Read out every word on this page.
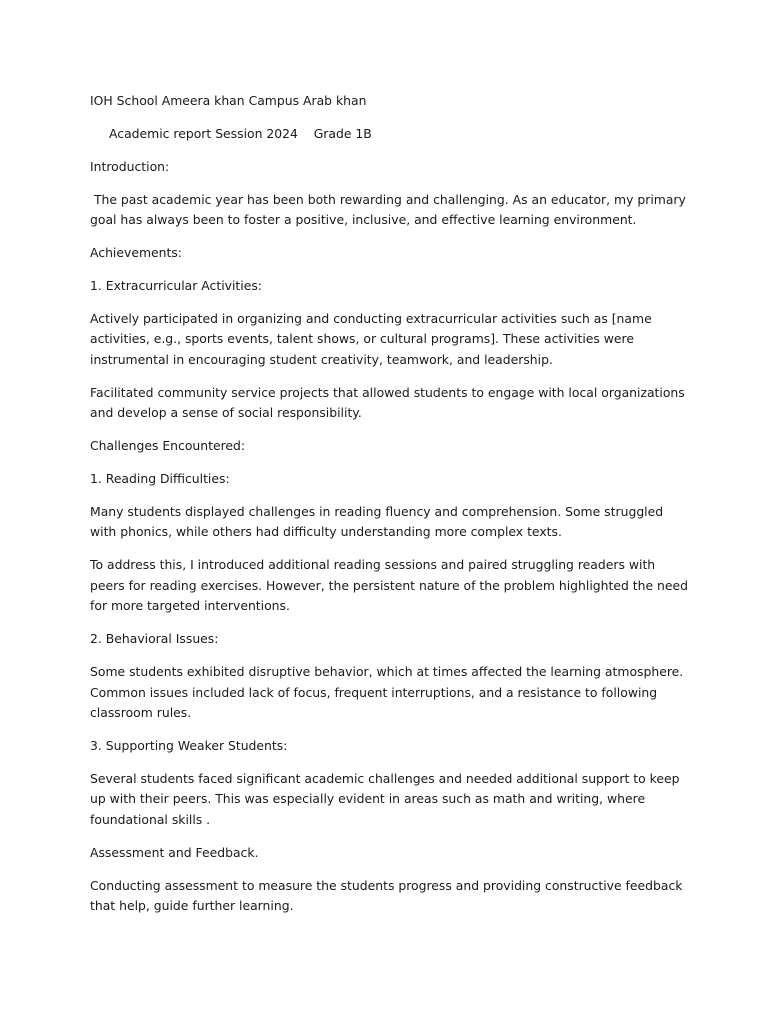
IOH School Ameera khan Campus Arab khan

Academic report Session 2024    Grade 1B

Introduction:

The past academic year has been both rewarding and challenging. As an educator, my primary goal has always been to foster a positive, inclusive, and effective learning environment.

Achievements:

1. Extracurricular Activities:

Actively participated in organizing and conducting extracurricular activities such as [name activities, e.g., sports events, talent shows, or cultural programs]. These activities were instrumental in encouraging student creativity, teamwork, and leadership.

Facilitated community service projects that allowed students to engage with local organizations and develop a sense of social responsibility.

Challenges Encountered:

1. Reading Difficulties:

Many students displayed challenges in reading fluency and comprehension. Some struggled with phonics, while others had difficulty understanding more complex texts.

To address this, I introduced additional reading sessions and paired struggling readers with peers for reading exercises. However, the persistent nature of the problem highlighted the need for more targeted interventions.

2. Behavioral Issues:

Some students exhibited disruptive behavior, which at times affected the learning atmosphere. Common issues included lack of focus, frequent interruptions, and a resistance to following classroom rules.

3. Supporting Weaker Students:

Several students faced significant academic challenges and needed additional support to keep up with their peers. This was especially evident in areas such as math and writing, where foundational skills .

Assessment and Feedback.

Conducting assessment to measure the students progress and providing constructive feedback that help, guide further learning.
